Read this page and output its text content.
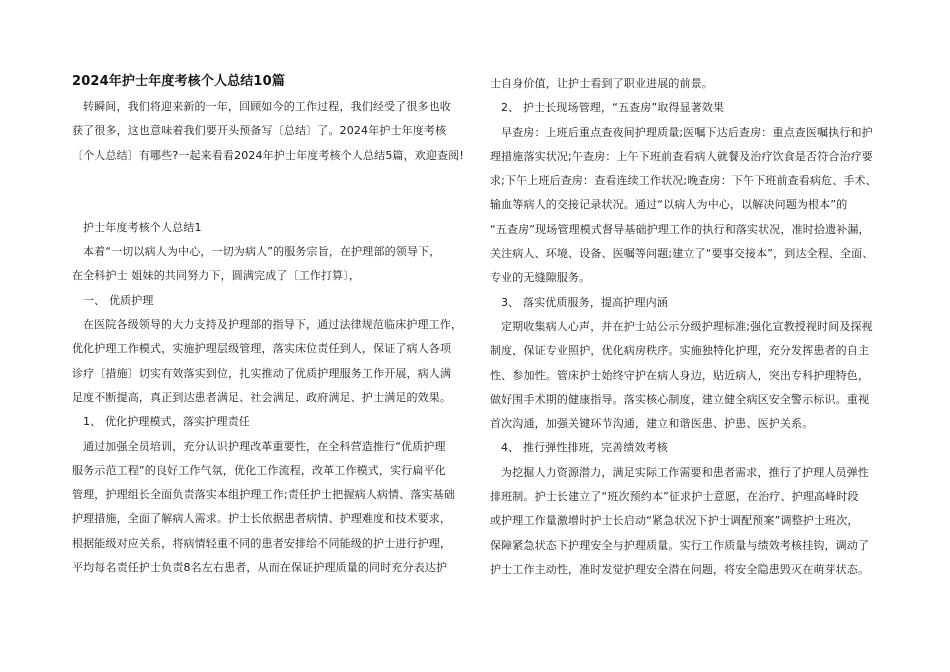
2024年护士年度考核个人总结10篇
转瞬间，我们将迎来新的一年，回顾如今的工作过程，我们经受了很多也收
获了很多，这也意味着我们要开头预备写〔总结〕了。2024年护士年度考核
〔个人总结〕有哪些?一起来看看2024年护士年度考核个人总结5篇，欢迎查阅!
护士年度考核个人总结1
本着“一切以病人为中心，一切为病人”的服务宗旨，在护理部的领导下，
在全科护士 姐妹的共同努力下，圆满完成了〔工作打算〕，
一、 优质护理
在医院各级领导的大力支持及护理部的指导下，通过法律规范临床护理工作，
优化护理工作模式，实施护理层级管理，落实床位责任到人，保证了病人各项
诊疗〔措施〕切实有效落实到位，扎实推动了优质护理服务工作开展，病人满
足度不断提高，真正到达患者满足、社会满足、政府满足、护士满足的效果。
1、 优化护理模式，落实护理责任
通过加强全员培训，充分认识护理改革重要性，在全科营造推行“优质护理
服务示范工程”的良好工作气氛，优化工作流程，改革工作模式，实行扁平化
管理，护理组长全面负责落实本组护理工作;责任护士把握病人病情、落实基础
护理措施，全面了解病人需求。护士长依据患者病情、护理难度和技术要求，
根据能级对应关系，将病情轻重不同的患者安排给不同能级的护士进行护理，
平均每名责任护士负责8名左右患者，从而在保证护理质量的同时充分表达护
士自身价值，让护士看到了职业进展的前景。
2、 护士长现场管理，“五查房”取得显著效果
早查房：上班后重点查夜间护理质量;医嘱下达后查房：重点查医嘱执行和护
理措施落实状况;午查房：上午下班前查看病人就餐及治疗饮食是否符合治疗要
求;下午上班后查房：查看连续工作状况;晚查房：下午下班前查看病危、手术、
输血等病人的交接记录状况。通过“以病人为中心，以解决问题为根本”的
“五查房”现场管理模式督导基础护理工作的执行和落实状况，准时拾遗补漏，
关注病人、环境、设备、医嘱等问题;建立了“要事交接本”，到达全程、全面、
专业的无缝隙服务。
3、 落实优质服务，提高护理内涵
定期收集病人心声，并在护士站公示分级护理标准;强化宣教授视时间及探视
制度，保证专业照护，优化病房秩序。实施独特化护理，充分发挥患者的自主
性、参加性。管床护士始终守护在病人身边，贴近病人，突出专科护理特色，
做好围手术期的健康指导。落实核心制度，建立健全病区安全警示标识。重视
首次沟通，加强关键环节沟通，建立和谐医患、护患、医护关系。
4、 推行弹性排班，完善绩效考核
为挖掘人力资源潜力，满足实际工作需要和患者需求，推行了护理人员弹性
排班制。护士长建立了“班次预约本”征求护士意愿，在治疗、护理高峰时段
或护理工作量激增时护士长启动“紧急状况下护士调配预案”调整护士班次，
保障紧急状态下护理安全与护理质量。实行工作质量与绩效考核挂钩，调动了
护士工作主动性，准时发觉护理安全潜在问题，将安全隐患毁灭在萌芽状态。
